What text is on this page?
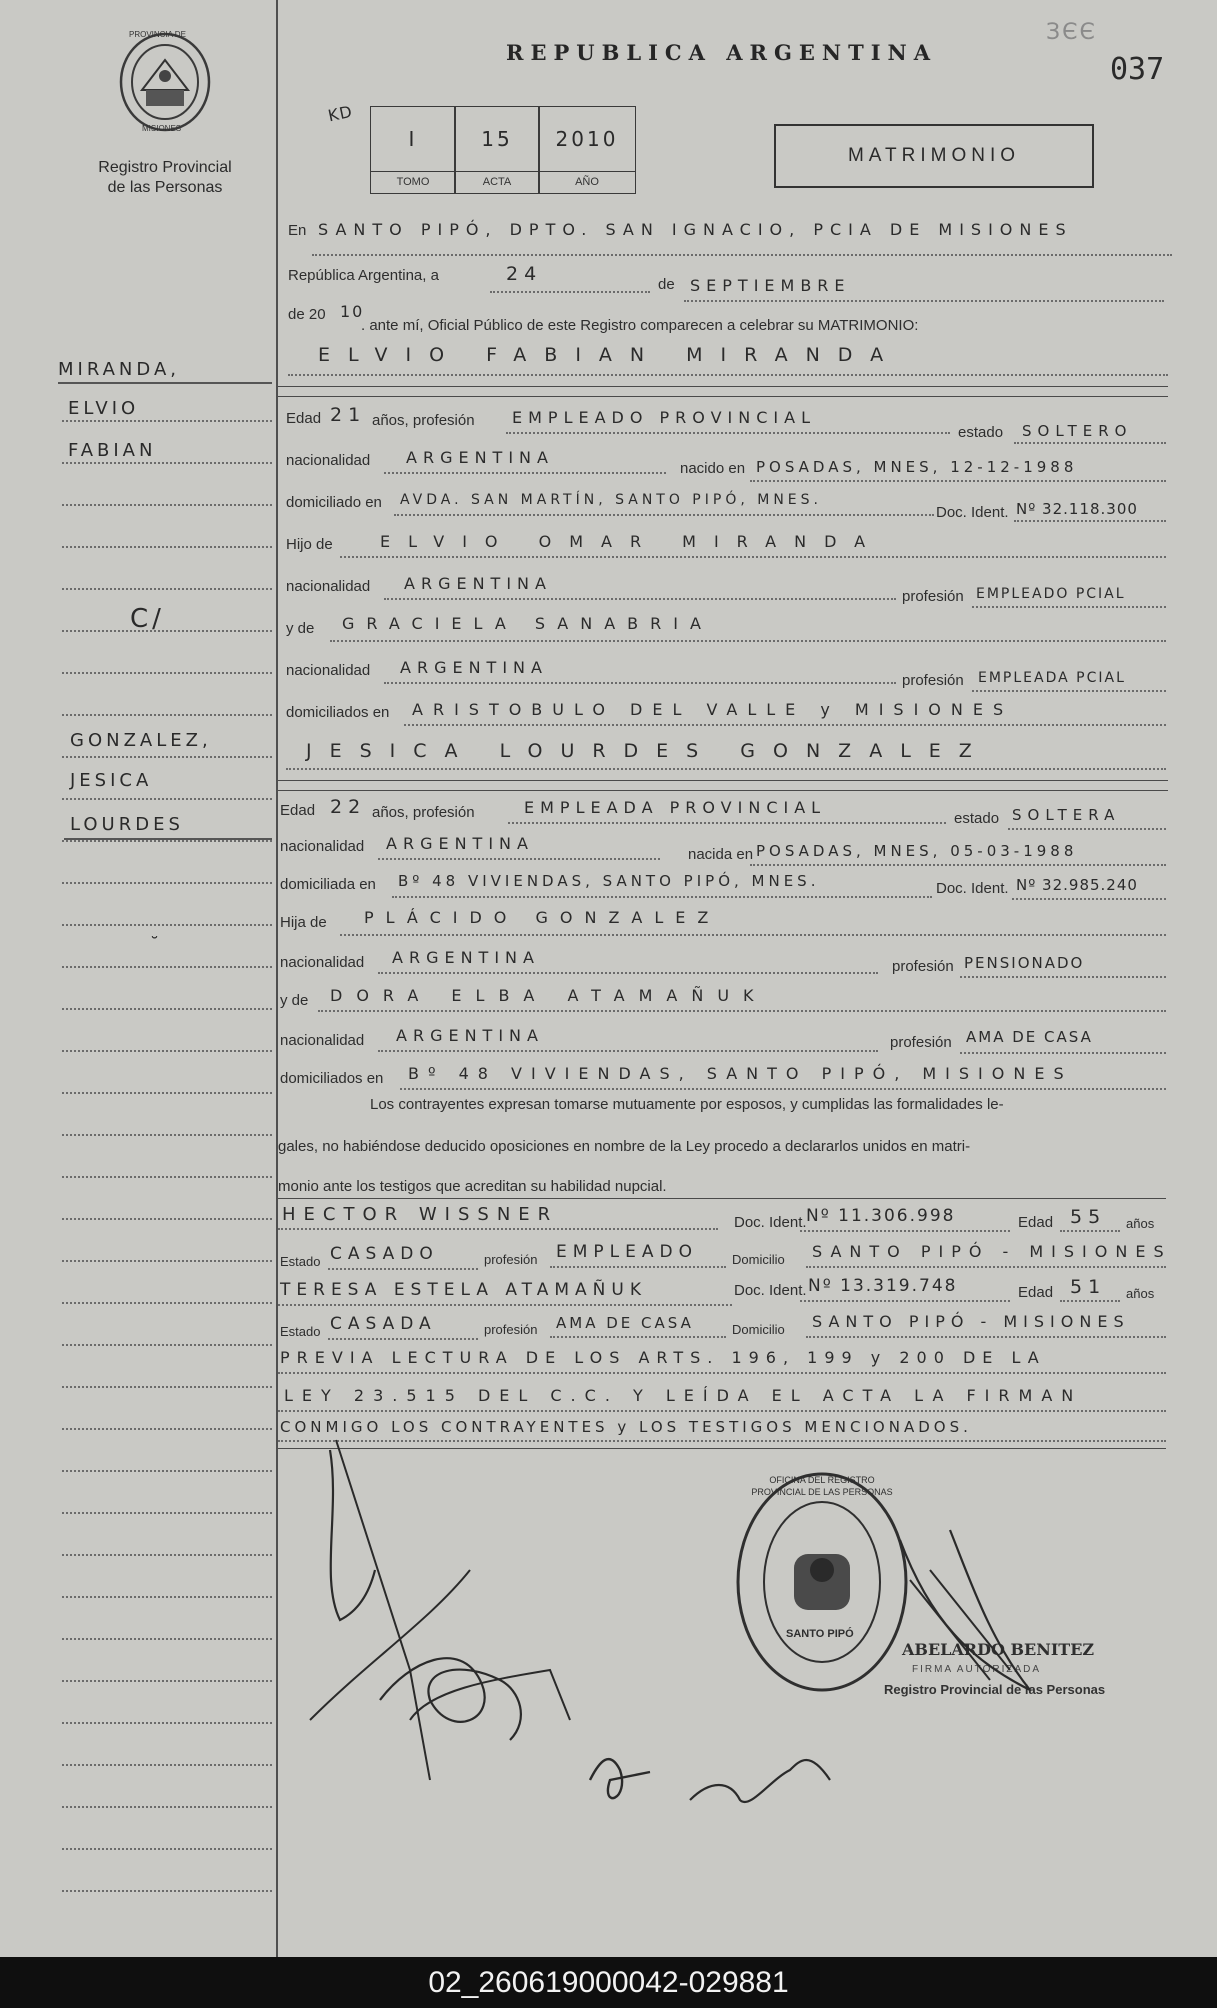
PROVINCIA DE
MISIONES
Registro Provincial
de las Personas
REPUBLICA ARGENTINA
ЗЄЄ
037
KD
I
TOMO
15
ACTA
2010
AÑO
MATRIMONIO
MIRANDA,
ELVIO
FABIAN
C/
GONZALEZ,
JESICA
LOURDES
˘
En SANTO PIPÓ, DPTO. SAN IGNACIO, PCIA DE MISIONES
República Argentina, a	24	de SEPTIEMBRE
de 20 10
. ante mí, Oficial Público de este Registro comparecen a celebrar su MATRIMONIO:
ELVIO FABIAN MIRANDA
Edad 21 años, profesión EMPLEADO PROVINCIAL
estado SOLTERO
nacionalidad ARGENTINA
nacido en POSADAS, MNES, 12-12-1988
domiciliado en AVDA. SAN MARTÍN, SANTO PIPÓ, MNES.
Doc. Ident. Nº 32.118.300
Hijo de	ELVIO OMAR MIRANDA
nacionalidad ARGENTINA
profesión EMPLEADO PCIAL
y de GRACIELA SANABRIA
nacionalidad ARGENTINA
profesión EMPLEADA PCIAL
domiciliados en ARISTOBULO DEL VALLE y MISIONES
JESICA LOURDES GONZALEZ
Edad 22 años, profesión	EMPLEADA PROVINCIAL
estado SOLTERA
nacionalidad ARGENTINA
nacida en POSADAS, MNES, 05-03-1988
domiciliada en Bº 48 VIVIENDAS, SANTO PIPÓ, MNES.	Doc. Ident. Nº 32.985.240
Hija de PLÁCIDO GONZALEZ
nacionalidad ARGENTINA	profesión PENSIONADO
y de DORA ELBA ATAMAÑUK
nacionalidad ARGENTINA	profesión AMA DE CASA
domiciliados en Bº 48 VIVIENDAS, SANTO PIPÓ, MISIONES
Los contrayentes expresan tomarse mutuamente por esposos, y cumplidas las formalidades le-
gales, no habiéndose deducido oposiciones en nombre de la Ley procedo a declararlos unidos en matri-
monio ante los testigos que acreditan su habilidad nupcial.
HECTOR WISSNER	Doc. Ident. Nº 11.306.998	Edad 55 años
Estado CASADO	profesión EMPLEADO	Domicilio SANTO PIPÓ - MISIONES
TERESA ESTELA ATAMAÑUK	Doc. Ident. Nº 13.319.748	Edad 51 años
Estado CASADA	profesión AMA DE CASA	Domicilio SANTO PIPÓ - MISIONES
PREVIA LECTURA DE LOS ARTS. 196, 199 y 200 DE LA
LEY 23.515 DEL C.C. Y LEÍDA EL ACTA LA FIRMAN
CONMIGO LOS CONTRAYENTES y LOS TESTIGOS MENCIONADOS.
OFICINA DEL REGISTRO PROVINCIAL DE LAS PERSONAS
SANTO PIPÓ
ABELARDO BENITEZ
FIRMA AUTORIZADA
Registro Provincial de las Personas
02_260619000042-029881
